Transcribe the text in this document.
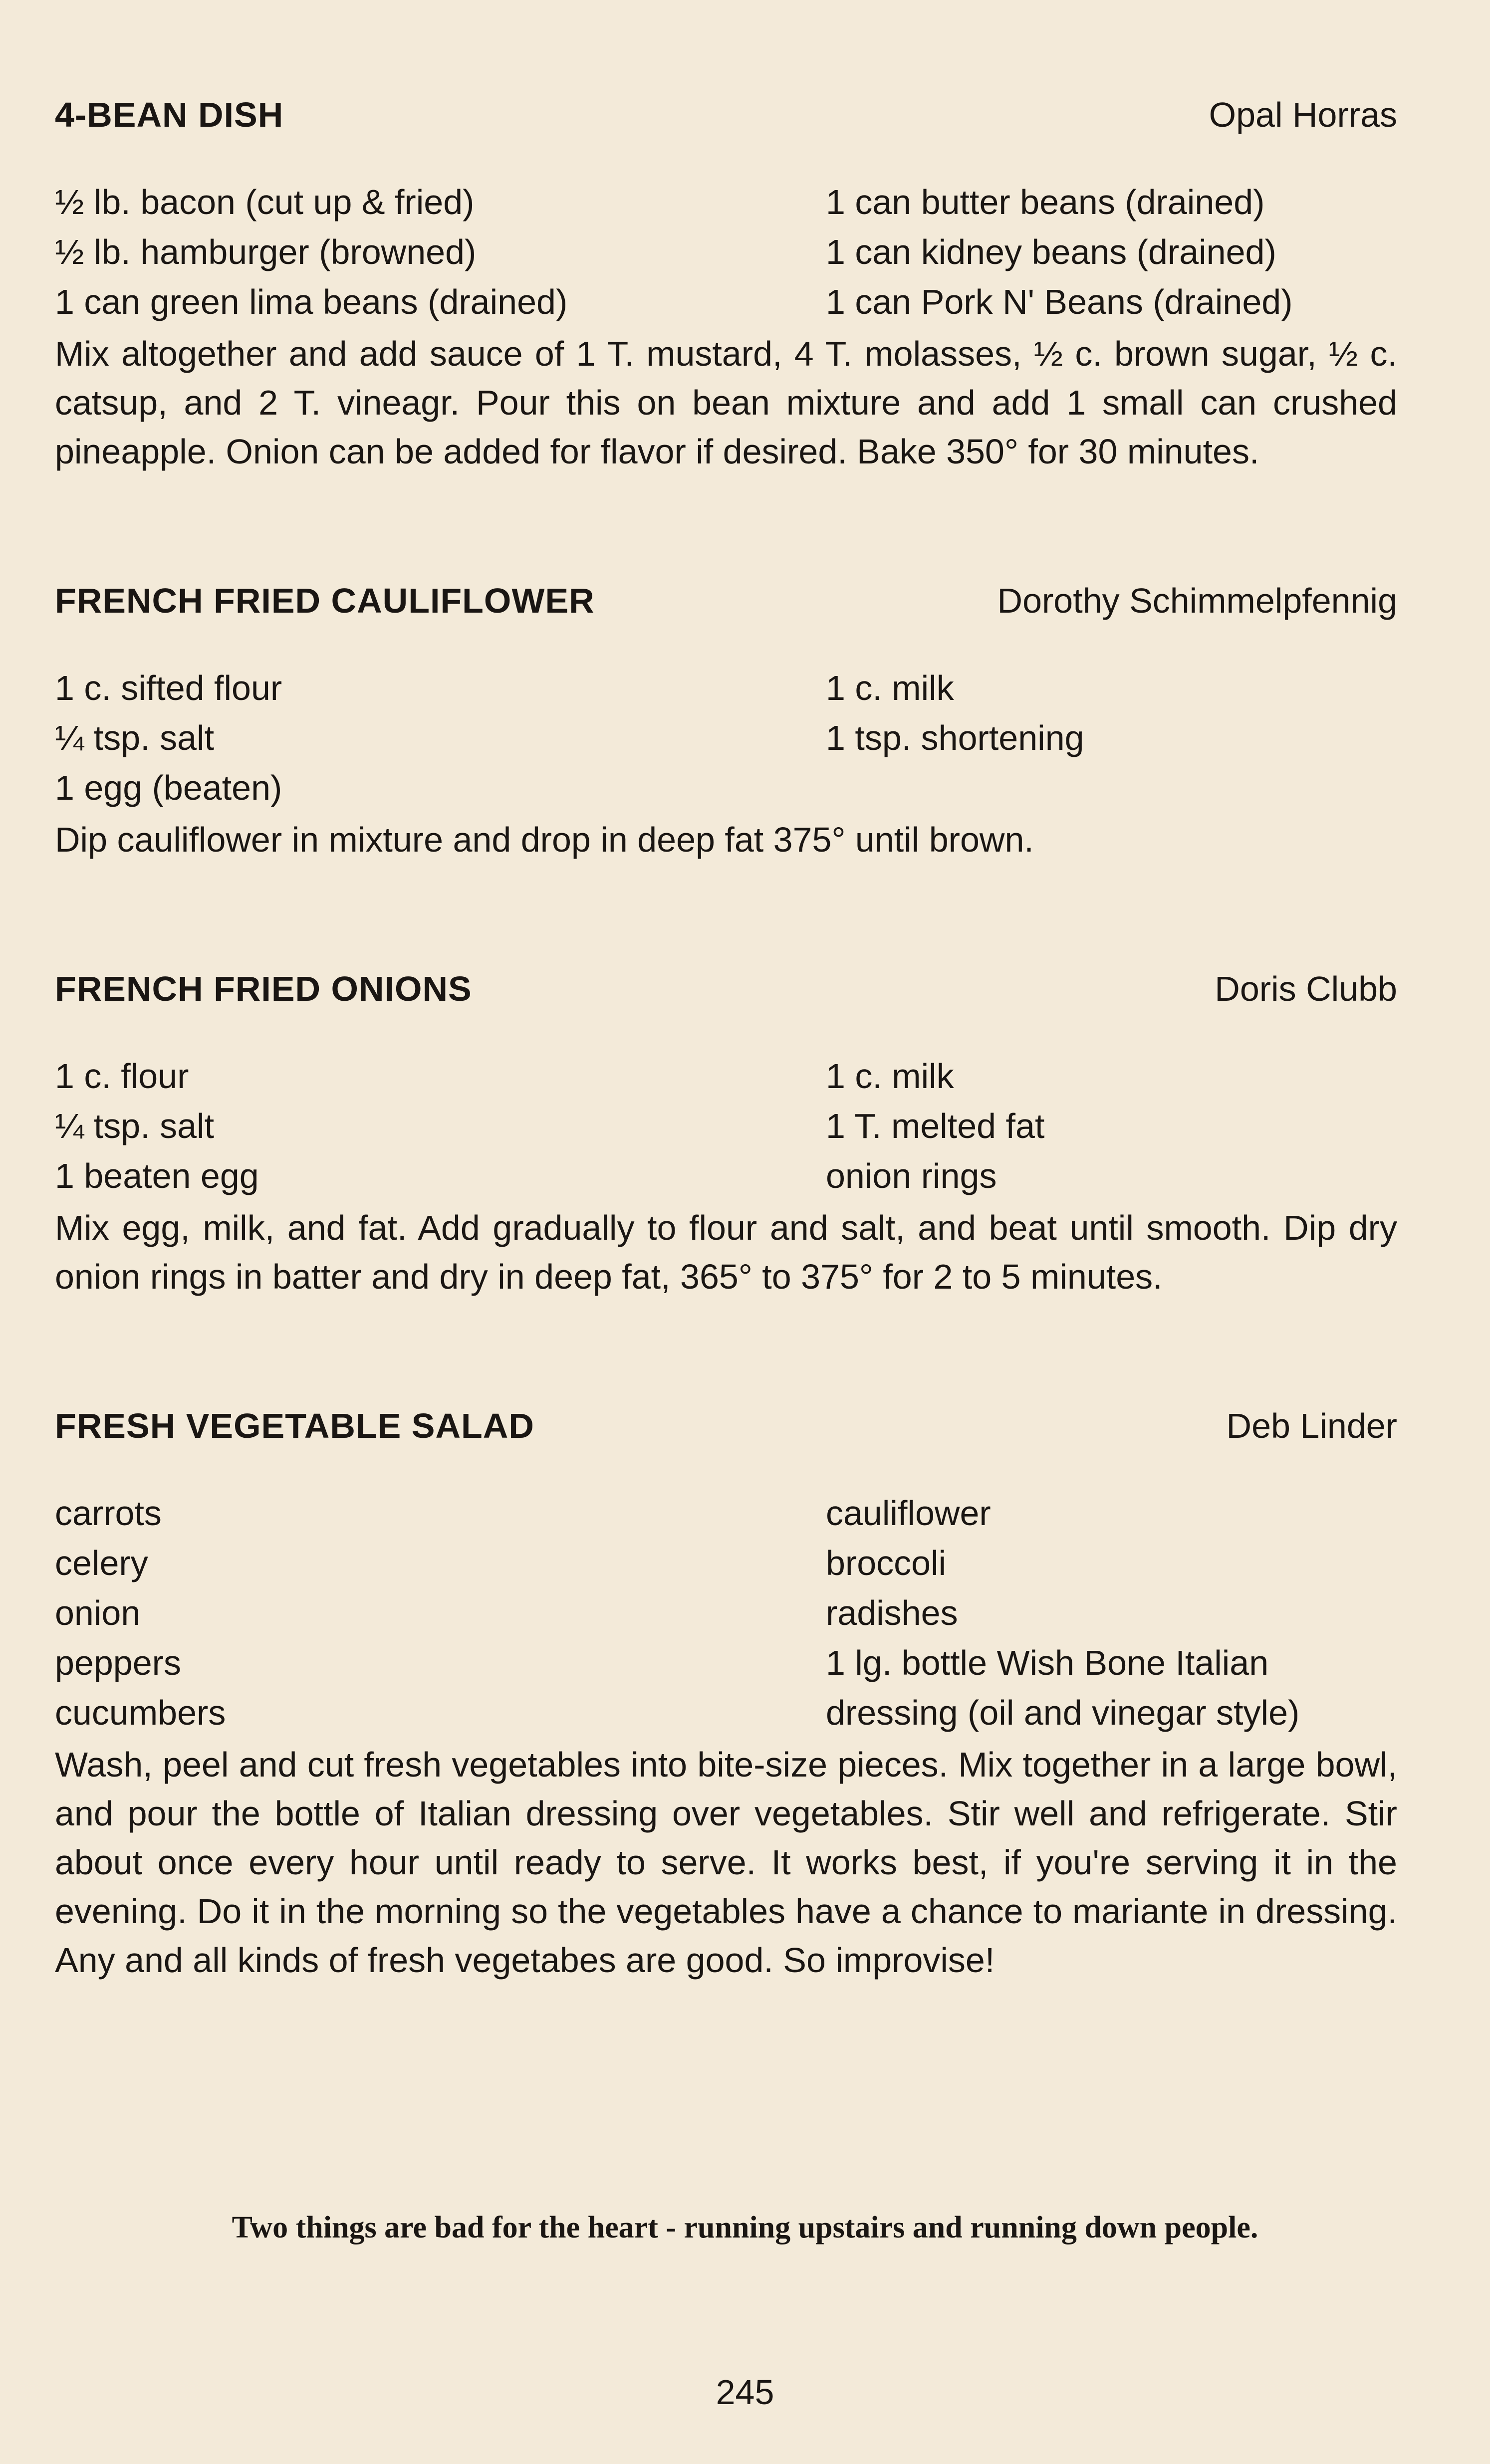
4-BEAN DISH	Opal Horras
½ lb. bacon (cut up & fried)	1 can butter beans (drained)
½ lb. hamburger (browned)	1 can kidney beans (drained)
1 can green lima beans (drained)	1 can Pork N' Beans (drained)

Mix altogether and add sauce of 1 T. mustard, 4 T. molasses, ½ c. brown sugar, ½ c. catsup, and 2 T. vineagr. Pour this on bean mixture and add 1 small can crushed pineapple. Onion can be added for flavor if desired. Bake 350° for 30 minutes.

FRENCH FRIED CAULIFLOWER	Dorothy Schimmelpfennig
1 c. sifted flour	1 c. milk
¼ tsp. salt	1 tsp. shortening
1 egg (beaten)

Dip cauliflower in mixture and drop in deep fat 375° until brown.

FRENCH FRIED ONIONS	Doris Clubb
1 c. flour	1 c. milk
¼ tsp. salt	1 T. melted fat
1 beaten egg	onion rings

Mix egg, milk, and fat. Add gradually to flour and salt, and beat until smooth. Dip dry onion rings in batter and dry in deep fat, 365° to 375° for 2 to 5 minutes.

FRESH VEGETABLE SALAD	Deb Linder
carrots	cauliflower
celery	broccoli
onion	radishes
peppers	1 lg. bottle Wish Bone Italian
cucumbers	dressing (oil and vinegar style)

Wash, peel and cut fresh vegetables into bite-size pieces. Mix together in a large bowl, and pour the bottle of Italian dressing over vegetables. Stir well and refrigerate. Stir about once every hour until ready to serve. It works best, if you're serving it in the evening. Do it in the morning so the vegetables have a chance to mariante in dressing. Any and all kinds of fresh vegetabes are good. So improvise!

Two things are bad for the heart - running upstairs and running down people.
245
